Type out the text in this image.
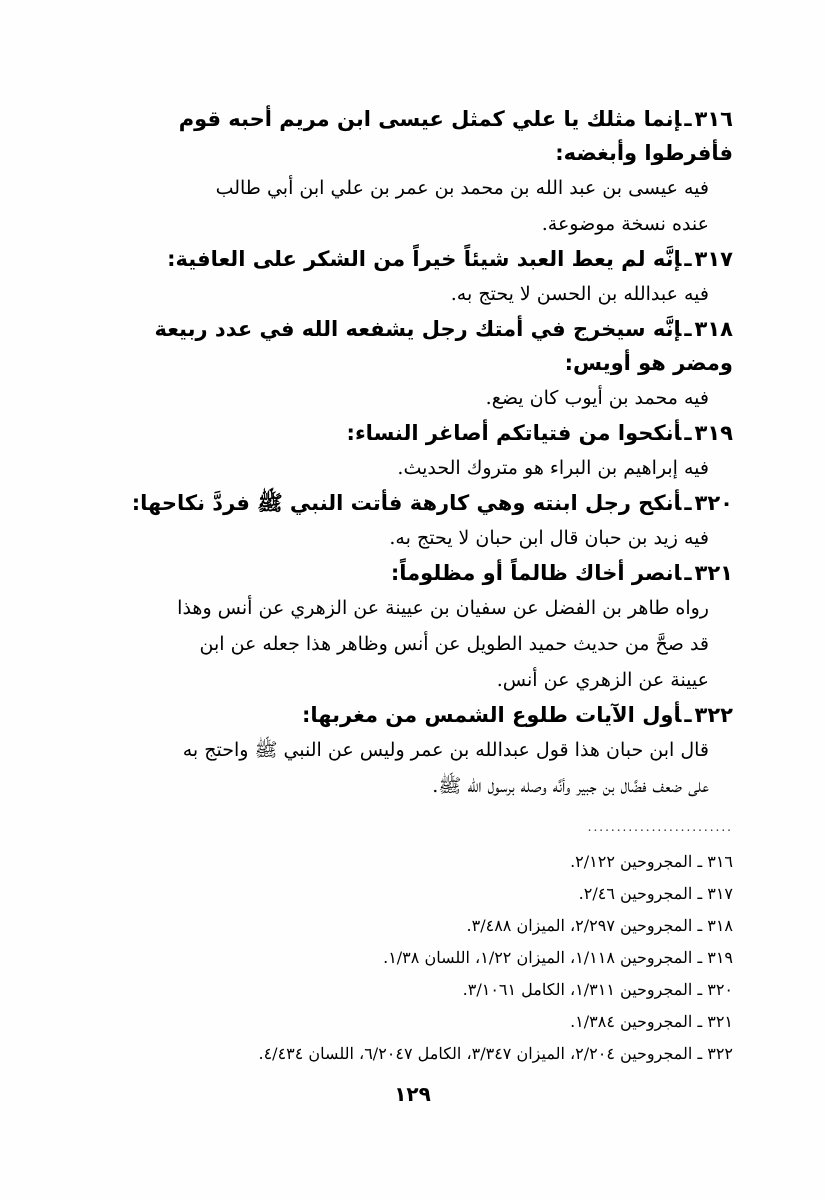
٣١٦ـإنما مثلك يا علي كمثل عيسى ابن مريم أحبه قوم فأفرطوا وأبغضه:
فيه عيسى بن عبد الله بن محمد بن عمر بن علي ابن أبي طالب
عنده نسخة موضوعة.
٣١٧ـإنَّه لم يعط العبد شيئاً خيراً من الشكر على العافية:
فيه عبدالله بن الحسن لا يحتج به.
٣١٨ـإنَّه سيخرج في أمتك رجل يشفعه الله في عدد ربيعة ومضر هو أويس:
فيه محمد بن أيوب كان يضع.
٣١٩ـأنكحوا من فتياتكم أصاغر النساء:
فيه إبراهيم بن البراء هو متروك الحديث.
٣٢٠ـأنكح رجل ابنته وهي كارهة فأتت النبي ﷺ فردَّ نكاحها:
فيه زيد بن حبان قال ابن حبان لا يحتج به.
٣٢١ـانصر أخاك ظالماً أو مظلوماً:
رواه طاهر بن الفضل عن سفيان بن عيينة عن الزهري عن أنس وهذا
قد صحَّ من حديث حميد الطويل عن أنس وظاهر هذا جعله عن ابن
عيينة عن الزهري عن أنس.
٣٢٢ـأول الآيات طلوع الشمس من مغربها:
قال ابن حبان هذا قول عبدالله بن عمر وليس عن النبي ﷺ واحتج به
على ضعف فضَّال بن جبير وأنَّه وصله برسول الله ﷺ.
.........................
٣١٦ ـ المجروحين ٢/١٢٢.
٣١٧ ـ المجروحين ٢/٤٦.
٣١٨ ـ المجروحين ٢/٢٩٧، الميزان ٣/٤٨٨.
٣١٩ ـ المجروحين ١/١١٨، الميزان ١/٢٢، اللسان ١/٣٨.
٣٢٠ ـ المجروحين ١/٣١١، الكامل ٣/١٠٦١.
٣٢١ ـ المجروحين ١/٣٨٤.
٣٢٢ ـ المجروحين ٢/٢٠٤، الميزان ٣/٣٤٧، الكامل ٦/٢٠٤٧، اللسان ٤/٤٣٤.
١٢٩
